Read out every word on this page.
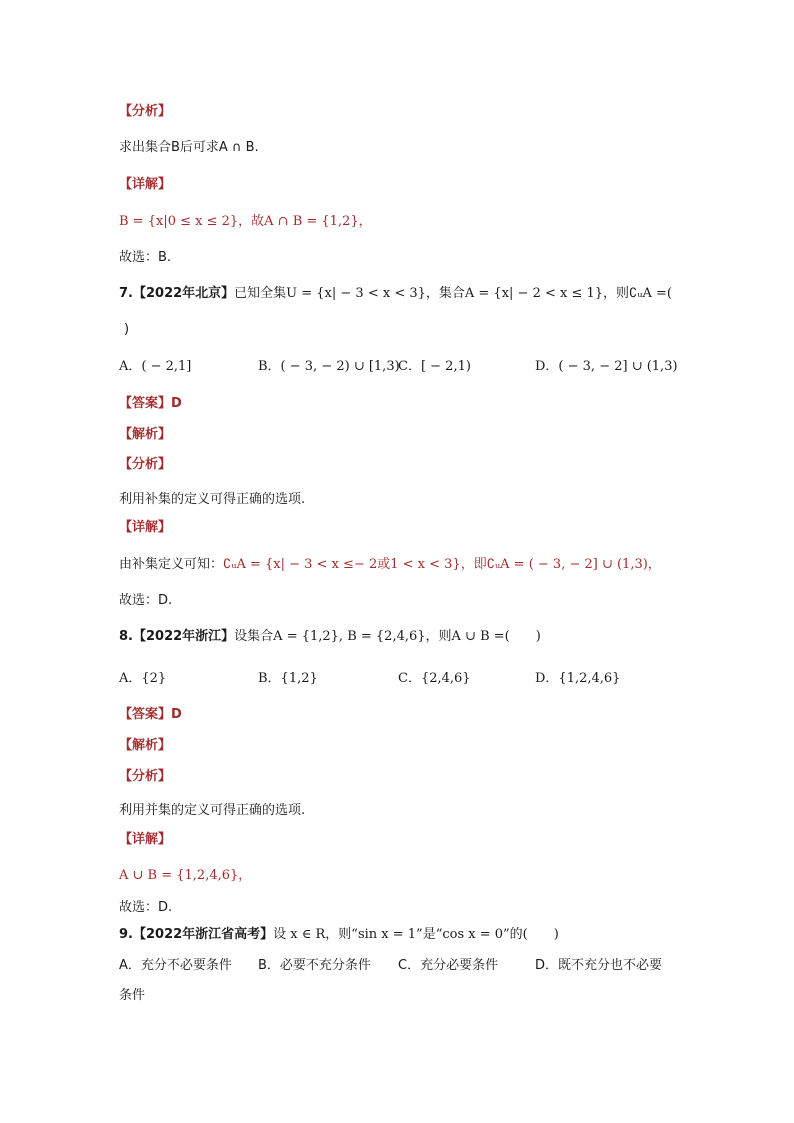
【分析】
求出集合B后可求A ∩ B.
【详解】
B = {x|0 ≤ x ≤ 2}，故A ∩ B = {1,2}，
故选：B.
7.【2022年北京】已知全集U = {x| − 3 < x < 3}，集合A = {x| − 2 < x ≤ 1}，则∁ᵤA =(
)
A．( − 2,1]	B．( − 3, − 2) ∪ [1,3)
C．[ − 2,1)	D．( − 3, − 2] ∪ (1,3)
【答案】D
【解析】
【分析】
利用补集的定义可得正确的选项.
【详解】
由补集定义可知：∁ᵤA = {x| − 3 < x ≤− 2或1 < x < 3}，即∁ᵤA = ( − 3, − 2] ∪ (1,3)，
故选：D.
8.【2022年浙江】设集合A = {1,2}, B = {2,4,6}，则A ∪ B =(　　)
A．{2}	B．{1,2}	C．{2,4,6}	D．{1,2,4,6}
【答案】D
【解析】
【分析】
利用并集的定义可得正确的选项.
【详解】
A ∪ B = {1,2,4,6}，
故选：D.
9.【2022年浙江省高考】设 x ∈ R，则“sin x = 1”是“cos x = 0”的(　　)
A．充分不必要条件 B．必要不充分条件 C．充分必要条件	D．既不充分也不必要
条件
